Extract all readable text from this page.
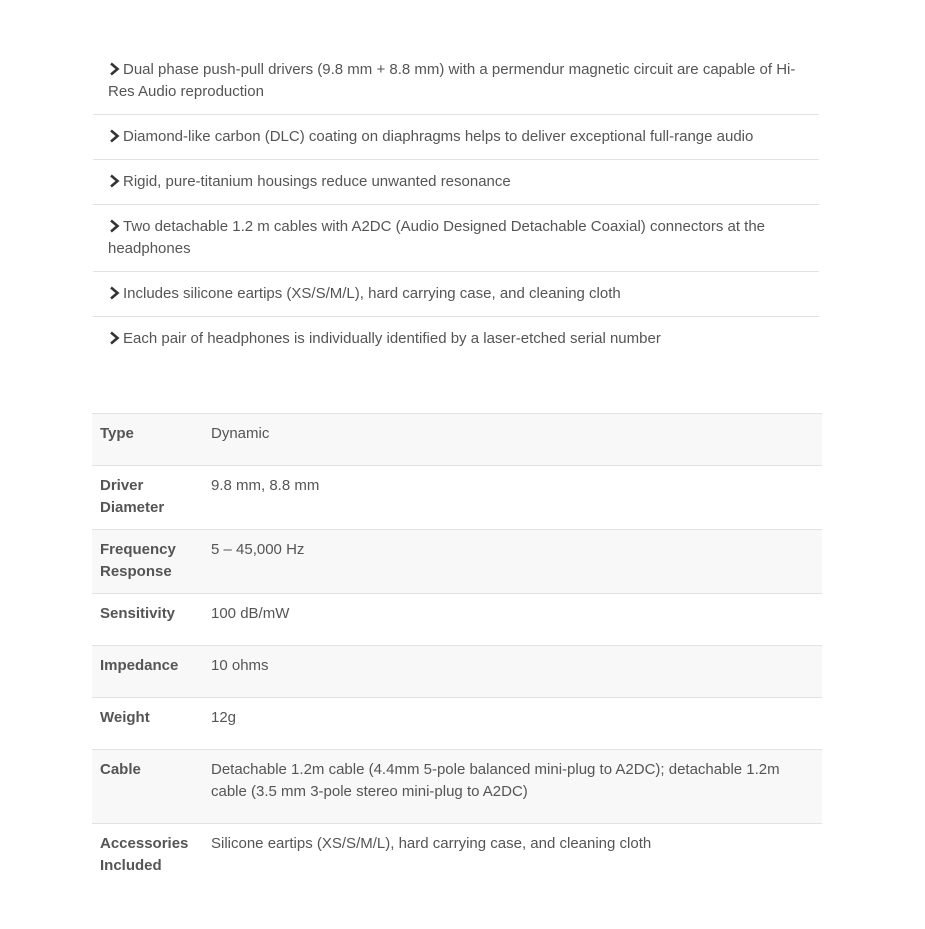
Dual phase push-pull drivers (9.8 mm + 8.8 mm) with a permendur magnetic circuit are capable of Hi-Res Audio reproduction
Diamond-like carbon (DLC) coating on diaphragms helps to deliver exceptional full-range audio
Rigid, pure-titanium housings reduce unwanted resonance
Two detachable 1.2 m cables with A2DC (Audio Designed Detachable Coaxial) connectors at the headphones
Includes silicone eartips (XS/S/M/L), hard carrying case, and cleaning cloth
Each pair of headphones is individually identified by a laser-etched serial number
Type	Dynamic
Driver Diameter	9.8 mm, 8.8 mm
Frequency Response	5 – 45,000 Hz
Sensitivity	100 dB/mW
Impedance	10 ohms
Weight	12g
Cable	Detachable 1.2m cable (4.4mm 5-pole balanced mini-plug to A2DC); detachable 1.2m cable (3.5 mm 3-pole stereo mini-plug to A2DC)
Accessories Included	Silicone eartips (XS/S/M/L), hard carrying case, and cleaning cloth
